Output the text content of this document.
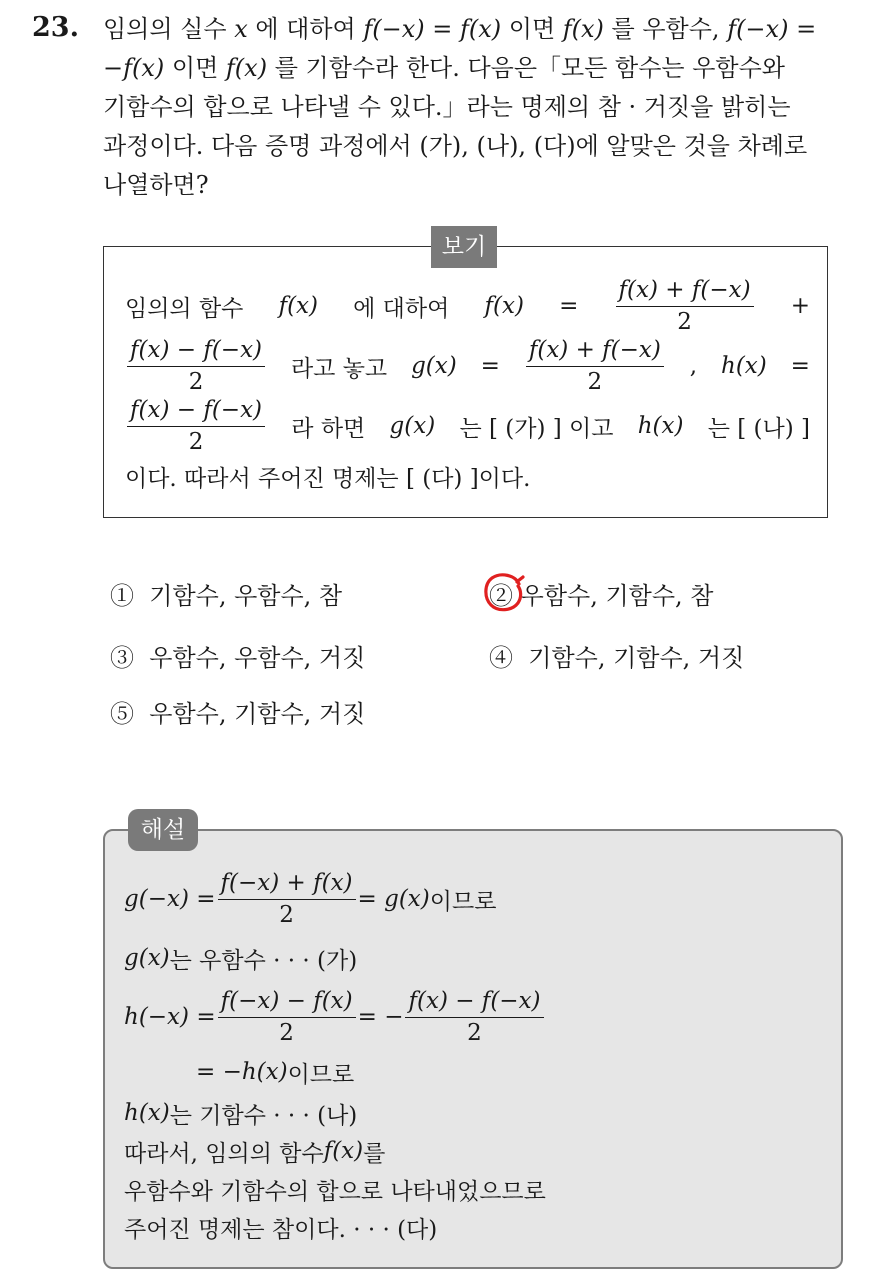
23. 임의의 실수 x 에 대하여 f(−x) = f(x) 이면 f(x) 를 우함수, f(−x) =
−f(x) 이면 f(x) 를 기함수라 한다. 다음은「모든 함수는 우함수와
기함수의 합으로 나타낼 수 있다.」라는 명제의 참 · 거짓을 밝히는
과정이다. 다음 증명 과정에서 (가), (나), (다)에 알맞은 것을 차례로
나열하면?
보기
임의의 함수 f(x) 에 대하여 $f(x) = \frac{f(x) + f(-x)}{2}$ +
$\frac{f(x) - f(-x)}{2}$ 라고 놓고 $g(x) = \frac{f(x) + f(-x)}{2}$ , h(x) =
$\frac{f(x) - f(-x)}{2}$ 라 하면 g(x) 는 [ (가) ] 이고 h(x) 는 [ (나) ]
이다. 따라서 주어진 명제는 [ (다) ]이다.
① 기함수, 우함수, 참	② 우함수, 기함수, 참
③ 우함수, 우함수, 거짓	④ 기함수, 기함수, 거짓
⑤ 우함수, 기함수, 거짓
해설
$g(-x) = \frac{f(-x) + f(x)}{2} = g(x)$ 이므로
g(x) 는 우함수 · · · (가)
$h(-x) = \frac{f(-x) - f(x)}{2}$ = − $\frac{f(x) - f(-x)}{2}$
= −h(x) 이므로
h(x) 는 기함수 · · · (나)
따라서, 임의의 함수 f(x) 를
우함수와 기함수의 합으로 나타내었으므로
주어진 명제는 참이다. · · · (다)
